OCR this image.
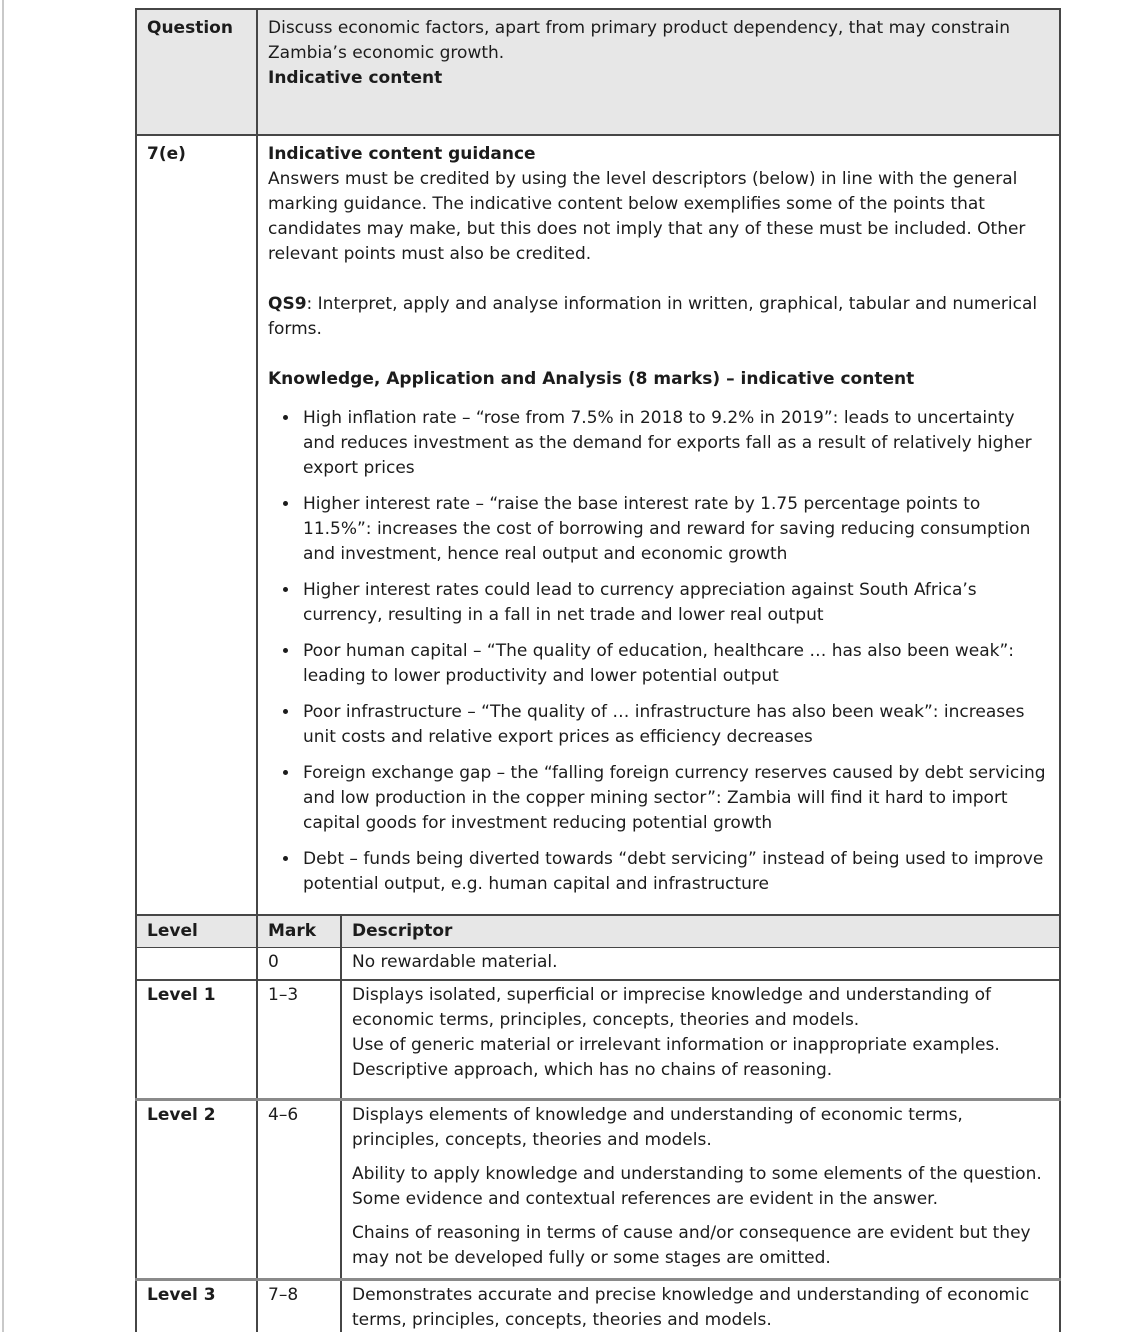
Question	Discuss economic factors, apart from primary product dependency, that may constrain Zambia’s economic growth.

Indicative content

7(e)	Indicative content guidance

Answers must be credited by using the level descriptors (below) in line with the general marking guidance. The indicative content below exemplifies some of the points that candidates may make, but this does not imply that any of these must be included. Other relevant points must also be credited.

QS9: Interpret, apply and analyse information in written, graphical, tabular and numerical forms.

Knowledge, Application and Analysis (8 marks) – indicative content

• High inflation rate – “rose from 7.5% in 2018 to 9.2% in 2019”: leads to uncertainty and reduces investment as the demand for exports fall as a result of relatively higher export prices
• Higher interest rate – “raise the base interest rate by 1.75 percentage points to 11.5%”: increases the cost of borrowing and reward for saving reducing consumption and investment, hence real output and economic growth
• Higher interest rates could lead to currency appreciation against South Africa’s currency, resulting in a fall in net trade and lower real output
• Poor human capital – “The quality of education, healthcare … has also been weak”: leading to lower productivity and lower potential output
• Poor infrastructure – “The quality of … infrastructure has also been weak”: increases unit costs and relative export prices as efficiency decreases
• Foreign exchange gap – the “falling foreign currency reserves caused by debt servicing and low production in the copper mining sector”: Zambia will find it hard to import capital goods for investment reducing potential growth
• Debt – funds being diverted towards “debt servicing” instead of being used to improve potential output, e.g. human capital and infrastructure
Level	Mark	Descriptor
	0	No rewardable material.

Level 1	1–3	Displays isolated, superficial or imprecise knowledge and understanding of economic terms, principles, concepts, theories and models.
Use of generic material or irrelevant information or inappropriate examples.
Descriptive approach, which has no chains of reasoning.

Level 2	4–6	Displays elements of knowledge and understanding of economic terms, principles, concepts, theories and models.
Ability to apply knowledge and understanding to some elements of the question. Some evidence and contextual references are evident in the answer.
Chains of reasoning in terms of cause and/or consequence are evident but they may not be developed fully or some stages are omitted.

Level 3	7–8	Demonstrates accurate and precise knowledge and understanding of economic terms, principles, concepts, theories and models.
